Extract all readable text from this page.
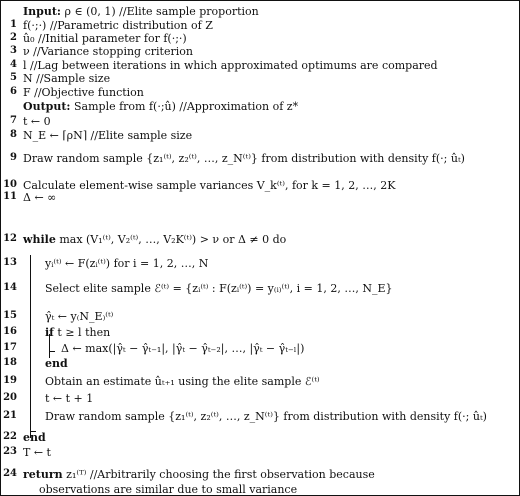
Input: ρ ∈ (0, 1) //Elite sample proportion
1 f(·;·) //Parametric distribution of Z
2 û₀ //Initial parameter for f(·;·)
3 ν //Variance stopping criterion
4 l //Lag between iterations in which approximated optimums are compared
5 N //Sample size
6 F //Objective function
Output: Sample from f(·;û) //Approximation of z*
7 t ← 0
8 N_E ← ⌈ρN⌉ //Elite sample size
9 Draw random sample {z₁⁽ᵗ⁾, z₂⁽ᵗ⁾, …, z_N⁽ᵗ⁾} from distribution with density f(·; ûₜ)
10 Calculate element-wise sample variances V_k⁽ᵗ⁾, for k = 1, 2, …, 2K
11 Δ ← ∞
12 while max (V₁⁽ᵗ⁾, V₂⁽ᵗ⁾, …, V₂K⁽ᵗ⁾) > ν or Δ ≠ 0 do
13	yᵢ⁽ᵗ⁾ ← F(zᵢ⁽ᵗ⁾) for i = 1, 2, …, N
14	Select elite sample ℰ⁽ᵗ⁾ = {zᵢ⁽ᵗ⁾ : F(zᵢ⁽ᵗ⁾) = y₍ᵢ₎⁽ᵗ⁾, i = 1, 2, …, N_E}
15	γ̂ₜ ← y₍N_E₎⁽ᵗ⁾
16	if t ≥ l then
17	Δ ← max(|γ̂ₜ − γ̂ₜ₋₁|, |γ̂ₜ − γ̂ₜ₋₂|, …, |γ̂ₜ − γ̂ₜ₋ₗ|)
18	end
19	Obtain an estimate ûₜ₊₁ using the elite sample ℰ⁽ᵗ⁾
20	t ← t + 1
21	Draw random sample {z₁⁽ᵗ⁾, z₂⁽ᵗ⁾, …, z_N⁽ᵗ⁾} from distribution with density f(·; ûₜ)
22 end
23 T ← t
24 return z₁⁽ᵀ⁾ //Arbitrarily choosing the first observation because
observations are similar due to small variance
